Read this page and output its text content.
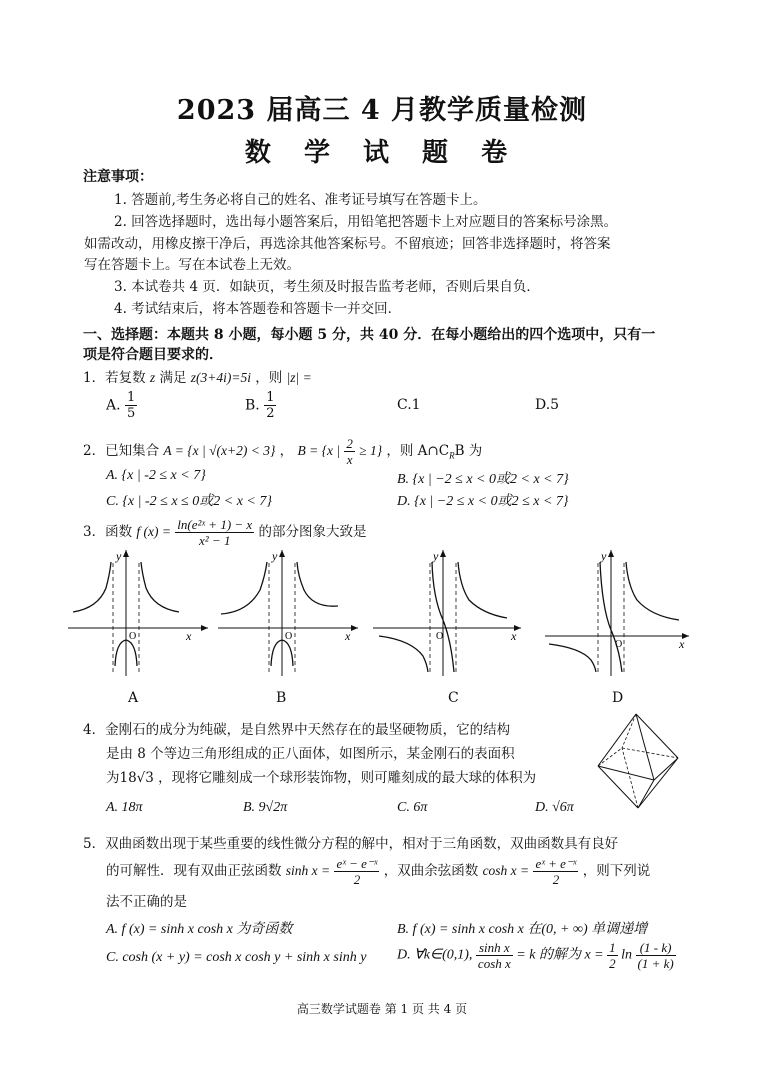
2023 届高三 4 月教学质量检测
数 学 试 题 卷
注意事项：
1. 答题前,考生务必将自己的姓名、准考证号填写在答题卡上。
2. 回答选择题时，选出每小题答案后，用铅笔把答题卡上对应题目的答案标号涂黑。
如需改动，用橡皮擦干净后，再选涂其他答案标号。不留痕迹；回答非选择题时，将答案
写在答题卡上。写在本试卷上无效。
3. 本试卷共 4 页．如缺页，考生须及时报告监考老师，否则后果自负．
4. 考试结束后，将本答题卷和答题卡一并交回．
一、选择题：本题共 8 小题，每小题 5 分，共 40 分．在每小题给出的四个选项中，只有一
项是符合题目要求的．
1．若复数 z 满足 z(3+4i)=5i ，则 |z| =
A. $\frac{1}{5}$	B. $\frac{1}{2}$	C.1	D.5
2．已知集合 A = {x | √(x+2) < 3} ， B = {x | $\frac{2}{x} \ge 1$} ，则 $A\cap C_RB$ 为
A. {x | -2 ≤ x < 7}	B. {x | −2 ≤ x < 0或2 < x < 7}
C. {x | -2 ≤ x ≤ 0或2 < x < 7}	D. {x | −2 ≤ x < 0或2 ≤ x < 7}
3．函数 f $(x) = \frac{\text{ln(e²ˣ + 1) − x}}{\text{x² − 1}}$ 的部分图象大致是
O
y
x
A
O
y
x
B
O
y
x
C
O
y
x
D
4．金刚石的成分为纯碳，是自然界中天然存在的最坚硬物质，它的结构
是由 8 个等边三角形组成的正八面体，如图所示，某金刚石的表面积
为18√3 ，现将它雕刻成一个球形装饰物，则可雕刻成的最大球的体积为
A. 18π	B. 9√2π	C. 6π	D. √6π
5．双曲函数出现于某些重要的线性微分方程的解中，相对于三角函数，双曲函数具有良好
的可解性．现有双曲正弦函数 $\sinh x = \frac{\text{eˣ − e⁻ˣ}}{2}$ ，双曲余弦函数 $\cosh x = \frac{\text{eˣ + e⁻ˣ}}{2}$ ，则下列说
法不正确的是
A. f (x) = sinh x cosh x 为奇函数	B. f (x) = sinh x cosh x 在(0, + ∞) 单调递增
C. cosh (x + y) = cosh x cosh y + sinh x sinh y D. ∀k∈(0,1), $\frac{\text{sinh x}}{\text{cosh x}} = k$ 的解为 $x = \frac{1}{2}$ $\ln \frac{(1 - k)}{(1 + k)}$
高三数学试题卷 第 1 页 共 4 页
